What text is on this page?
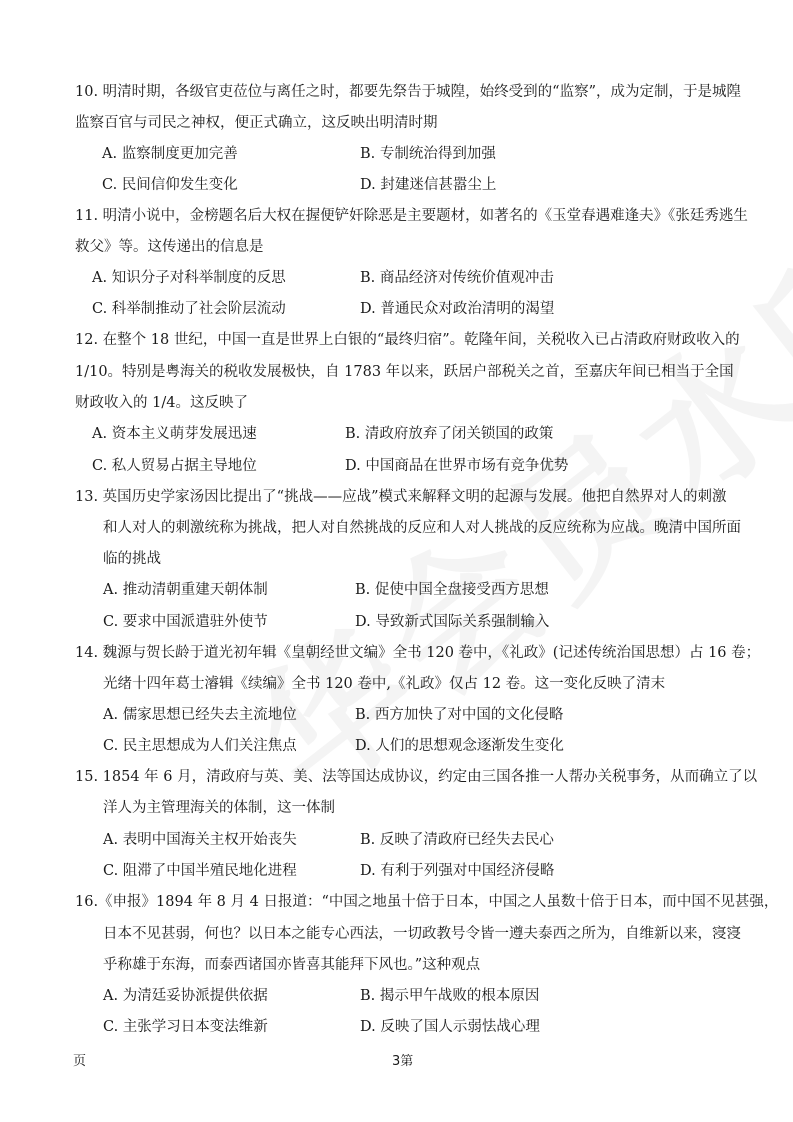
10. 明清时期，各级官吏莅位与离任之时，都要先祭告于城隍，始终受到的“监察”，成为定制，于是城隍
监察百官与司民之神权，便正式确立，这反映出明清时期
A. 监察制度更加完善	B. 专制统治得到加强
C. 民间信仰发生变化	D. 封建迷信甚嚣尘上
11. 明清小说中，金榜题名后大权在握便铲奸除恶是主要题材，如著名的《玉堂春遇难逢夫》《张廷秀逃生
救父》等。这传递出的信息是
A. 知识分子对科举制度的反思	B. 商品经济对传统价值观冲击
C. 科举制推动了社会阶层流动	D. 普通民众对政治清明的渴望
12. 在整个 18 世纪，中国一直是世界上白银的“最终归宿”。乾隆年间，关税收入已占清政府财政收入的
1/10。特别是粤海关的税收发展极快，自 1783 年以来，跃居户部税关之首，至嘉庆年间已相当于全国
财政收入的 1/4。这反映了
A. 资本主义萌芽发展迅速	B. 清政府放弃了闭关锁国的政策
C. 私人贸易占据主导地位	D. 中国商品在世界市场有竞争优势
13. 英国历史学家汤因比提出了“挑战——应战”模式来解释文明的起源与发展。他把自然界对人的刺激
和人对人的刺激统称为挑战，把人对自然挑战的反应和人对人挑战的反应统称为应战。晚清中国所面
临的挑战
A. 推动清朝重建天朝体制	B. 促使中国全盘接受西方思想
C. 要求中国派遣驻外使节	D. 导致新式国际关系强制输入
14. 魏源与贺长龄于道光初年辑《皇朝经世文编》全书 120 卷中，《礼政》(记述传统治国思想）占 16 卷；
光绪十四年葛士濬辑《续编》全书 120 卷中,《礼政》仅占 12 卷。这一变化反映了清末
A. 儒家思想已经失去主流地位	B. 西方加快了对中国的文化侵略
C. 民主思想成为人们关注焦点	D. 人们的思想观念逐渐发生变化
15. 1854 年 6 月，清政府与英、美、法等国达成协议，约定由三国各推一人帮办关税事务，从而确立了以
洋人为主管理海关的体制，这一体制
A. 表明中国海关主权开始丧失	B. 反映了清政府已经失去民心
C. 阻滞了中国半殖民地化进程	D. 有利于列强对中国经济侵略
16.《申报》1894 年 8 月 4 日报道：“中国之地虽十倍于日本，中国之人虽数十倍于日本，而中国不见甚强，
日本不见甚弱，何也？以日本之能专心西法，一切政教号令皆一遵夫泰西之所为，自维新以来，寖寖
乎称雄于东海，而泰西诸国亦皆喜其能拜下风也。”这种观点
A. 为清廷妥协派提供依据	B. 揭示甲午战败的根本原因
C. 主张学习日本变法维新	D. 反映了国人示弱怯战心理
页	3第
